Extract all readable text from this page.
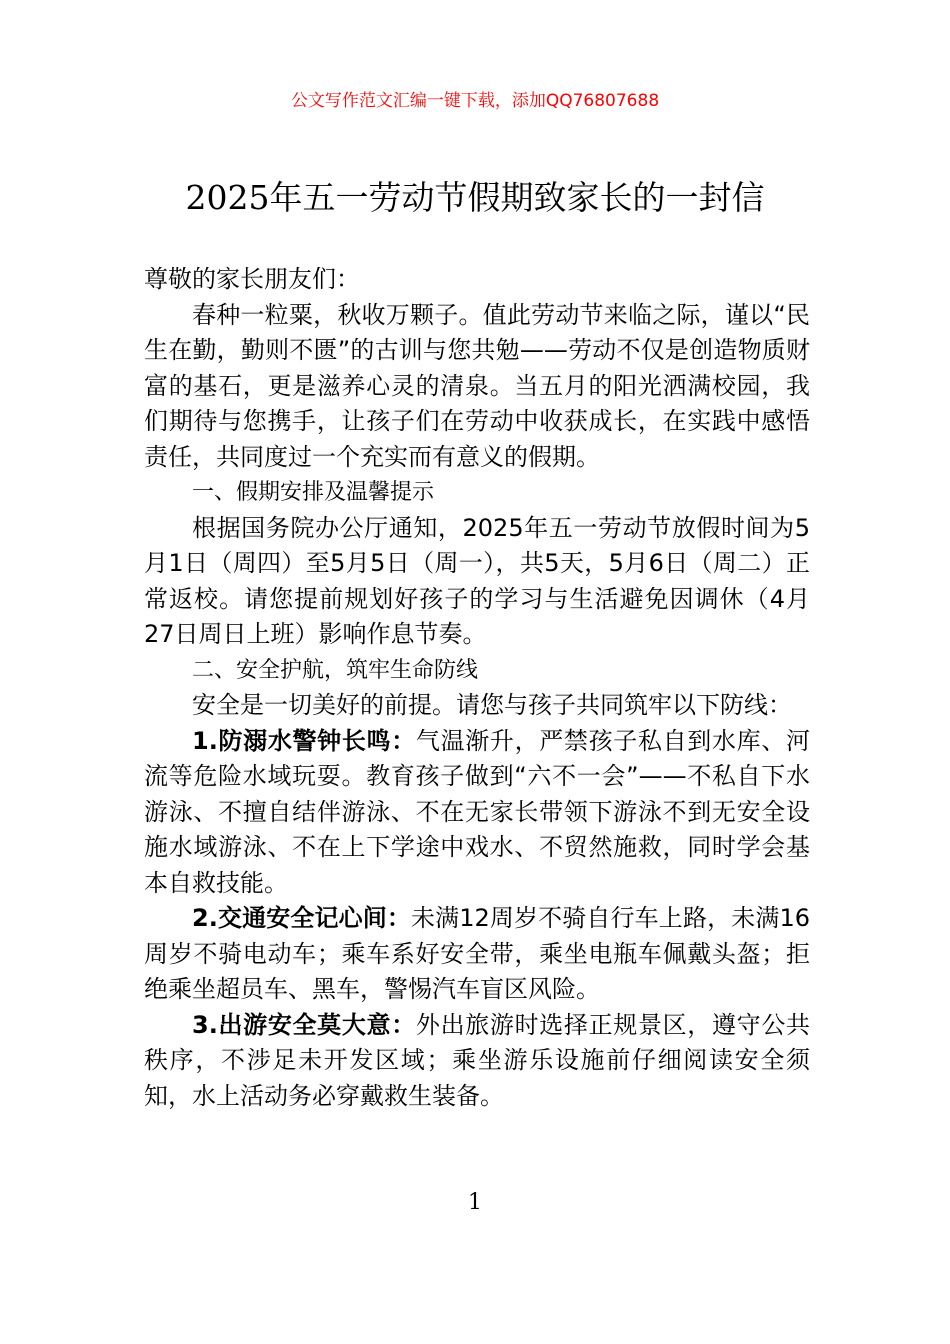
公文写作范文汇编一键下载，添加QQ76807688
2025年五一劳动节假期致家长的一封信

尊敬的家长朋友们：

春种一粒粟，秋收万颗子。值此劳动节来临之际，谨以“民生在勤，勤则不匮”的古训与您共勉——劳动不仅是创造物质财富的基石，更是滋养心灵的清泉。当五月的阳光洒满校园，我们期待与您携手，让孩子们在劳动中收获成长，在实践中感悟责任，共同度过一个充实而有意义的假期。

一、假期安排及温馨提示

根据国务院办公厅通知，2025年五一劳动节放假时间为5月1日（周四）至5月5日（周一），共5天，5月6日（周二）正常返校。请您提前规划好孩子的学习与生活避免因调休（4月27日周日上班）影响作息节奏。

二、安全护航，筑牢生命防线

安全是一切美好的前提。请您与孩子共同筑牢以下防线：

1.防溺水警钟长鸣：气温渐升，严禁孩子私自到水库、河流等危险水域玩耍。教育孩子做到“六不一会”——不私自下水游泳、不擅自结伴游泳、不在无家长带领下游泳不到无安全设施水域游泳、不在上下学途中戏水、不贸然施救，同时学会基本自救技能。

2.交通安全记心间：未满12周岁不骑自行车上路，未满16周岁不骑电动车；乘车系好安全带，乘坐电瓶车佩戴头盔；拒绝乘坐超员车、黑车，警惕汽车盲区风险。

3.出游安全莫大意：外出旅游时选择正规景区，遵守公共秩序，不涉足未开发区域；乘坐游乐设施前仔细阅读安全须知，水上活动务必穿戴救生装备。

1
